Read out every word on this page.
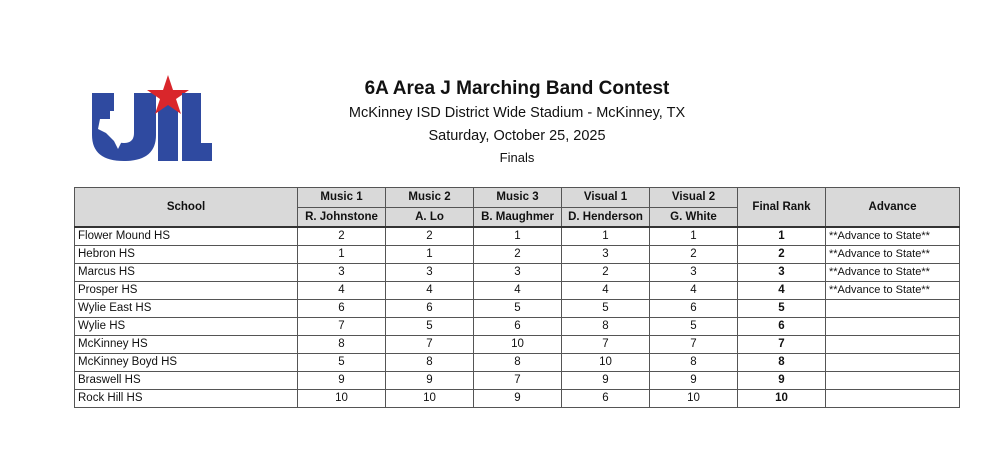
UIL
6A Area J Marching Band Contest
McKinney ISD District Wide Stadium - McKinney, TX
Saturday, October 25, 2025
Finals
School	Music 1	Music 2	Music 3	Visual 1	Visual 2	Final Rank	Advance
	R. Johnstone	A. Lo	B. Maughmer	D. Henderson	G. White		
Flower Mound HS	2	2	1	1	1	1	**Advance to State**
Hebron HS	1	1	2	3	2	2	**Advance to State**
Marcus HS	3	3	3	2	3	3	**Advance to State**
Prosper HS	4	4	4	4	4	4	**Advance to State**
Wylie East HS	6	6	5	5	6	5	
Wylie HS	7	5	6	8	5	6	
McKinney HS	8	7	10	7	7	7	
McKinney Boyd HS	5	8	8	10	8	8	
Braswell HS	9	9	7	9	9	9	
Rock Hill HS	10	10	9	6	10	10	
